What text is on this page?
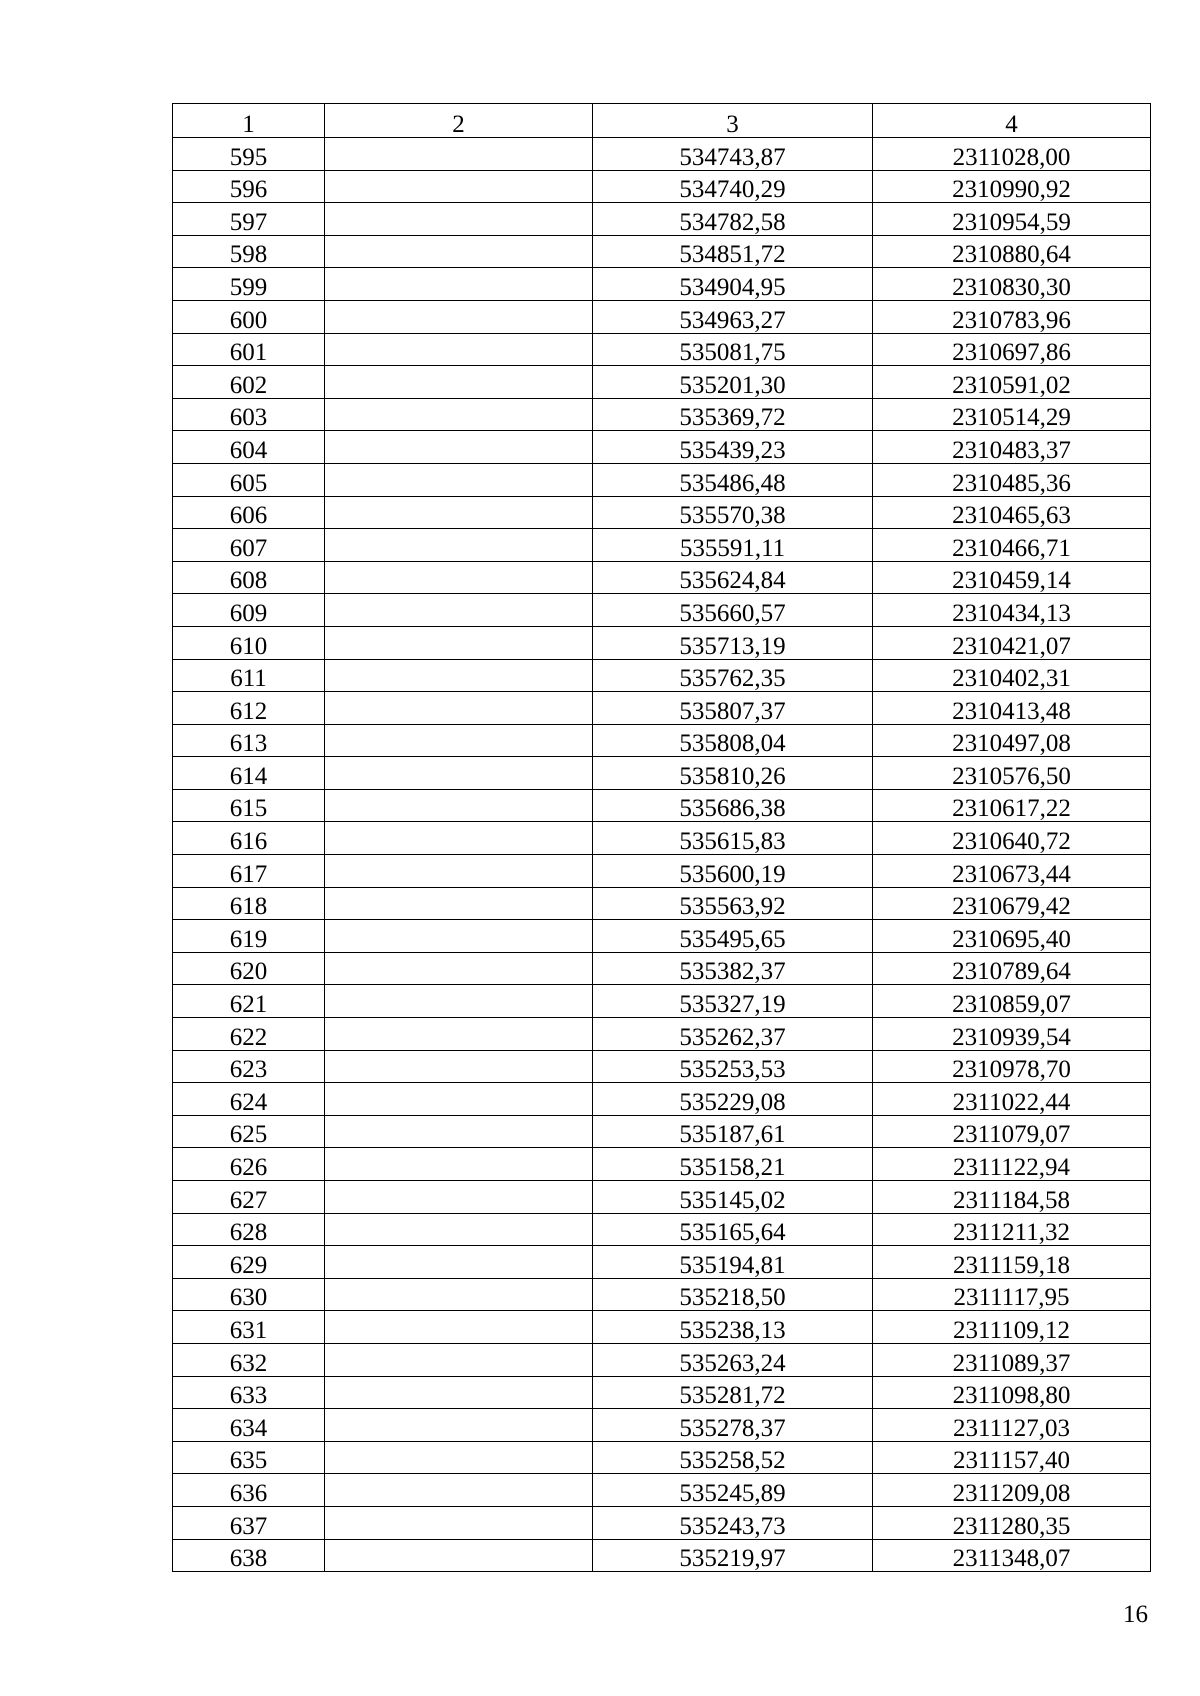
1	2	3	4
595		534743,87	2311028,00
596		534740,29	2310990,92
597		534782,58	2310954,59
598		534851,72	2310880,64
599		534904,95	2310830,30
600		534963,27	2310783,96
601		535081,75	2310697,86
602		535201,30	2310591,02
603		535369,72	2310514,29
604		535439,23	2310483,37
605		535486,48	2310485,36
606		535570,38	2310465,63
607		535591,11	2310466,71
608		535624,84	2310459,14
609		535660,57	2310434,13
610		535713,19	2310421,07
611		535762,35	2310402,31
612		535807,37	2310413,48
613		535808,04	2310497,08
614		535810,26	2310576,50
615		535686,38	2310617,22
616		535615,83	2310640,72
617		535600,19	2310673,44
618		535563,92	2310679,42
619		535495,65	2310695,40
620		535382,37	2310789,64
621		535327,19	2310859,07
622		535262,37	2310939,54
623		535253,53	2310978,70
624		535229,08	2311022,44
625		535187,61	2311079,07
626		535158,21	2311122,94
627		535145,02	2311184,58
628		535165,64	2311211,32
629		535194,81	2311159,18
630		535218,50	2311117,95
631		535238,13	2311109,12
632		535263,24	2311089,37
633		535281,72	2311098,80
634		535278,37	2311127,03
635		535258,52	2311157,40
636		535245,89	2311209,08
637		535243,73	2311280,35
638		535219,97	2311348,07
16
